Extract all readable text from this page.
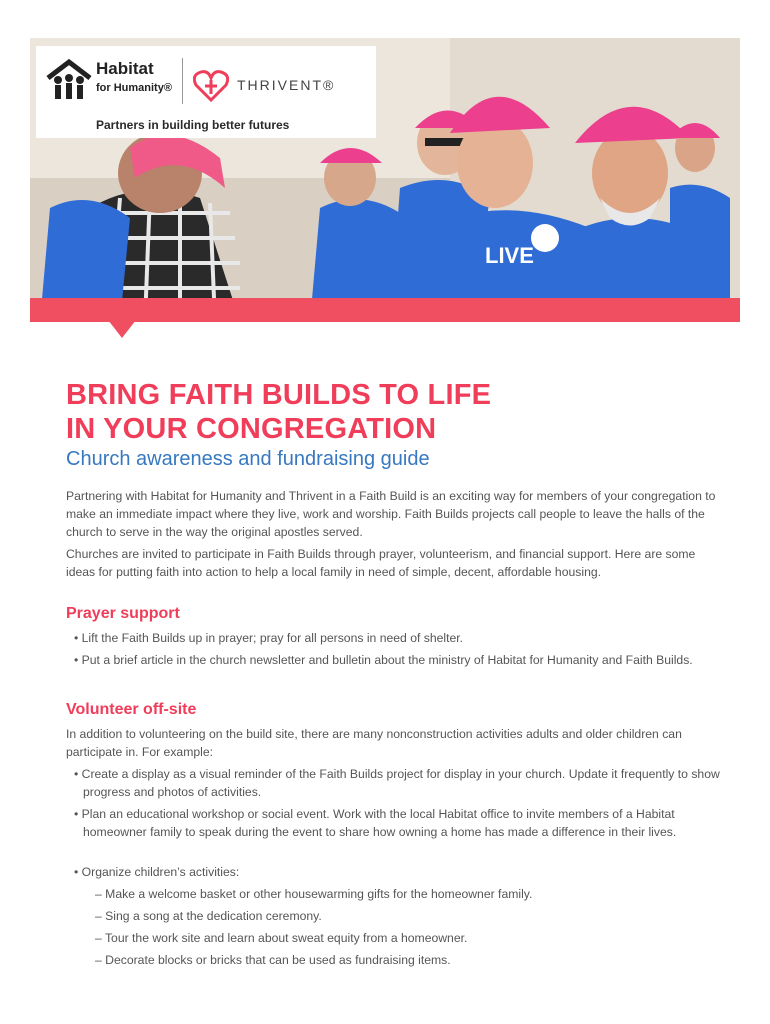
LIVE
Habitat
for Humanity®	THRIVENT®
Partners in building better futures
BRING FAITH BUILDS TO LIFE
IN YOUR CONGREGATION
Church awareness and fundraising guide
Partnering with Habitat for Humanity and Thrivent in a Faith Build is an exciting way for members of your congregation to make an immediate impact where they live, work and worship. Faith Builds projects call people to leave the halls of the church to serve in the way the original apostles served.
Churches are invited to participate in Faith Builds through prayer, volunteerism, and financial support. Here are some ideas for putting faith into action to help a local family in need of simple, decent, affordable housing.
Prayer support
• Lift the Faith Builds up in prayer; pray for all persons in need of shelter.
• Put a brief article in the church newsletter and bulletin about the ministry of Habitat for Humanity and Faith Builds.
Volunteer off-site
In addition to volunteering on the build site, there are many nonconstruction activities adults and older children can participate in. For example:
• Create a display as a visual reminder of the Faith Builds project for display in your church. Update it frequently to show progress and photos of activities.
• Plan an educational workshop or social event. Work with the local Habitat office to invite members of a Habitat homeowner family to speak during the event to share how owning a home has made a difference in their lives.
• Organize children’s activities:
– Make a welcome basket or other housewarming gifts for the homeowner family.
– Sing a song at the dedication ceremony.
– Tour the work site and learn about sweat equity from a homeowner.
– Decorate blocks or bricks that can be used as fundraising items.
